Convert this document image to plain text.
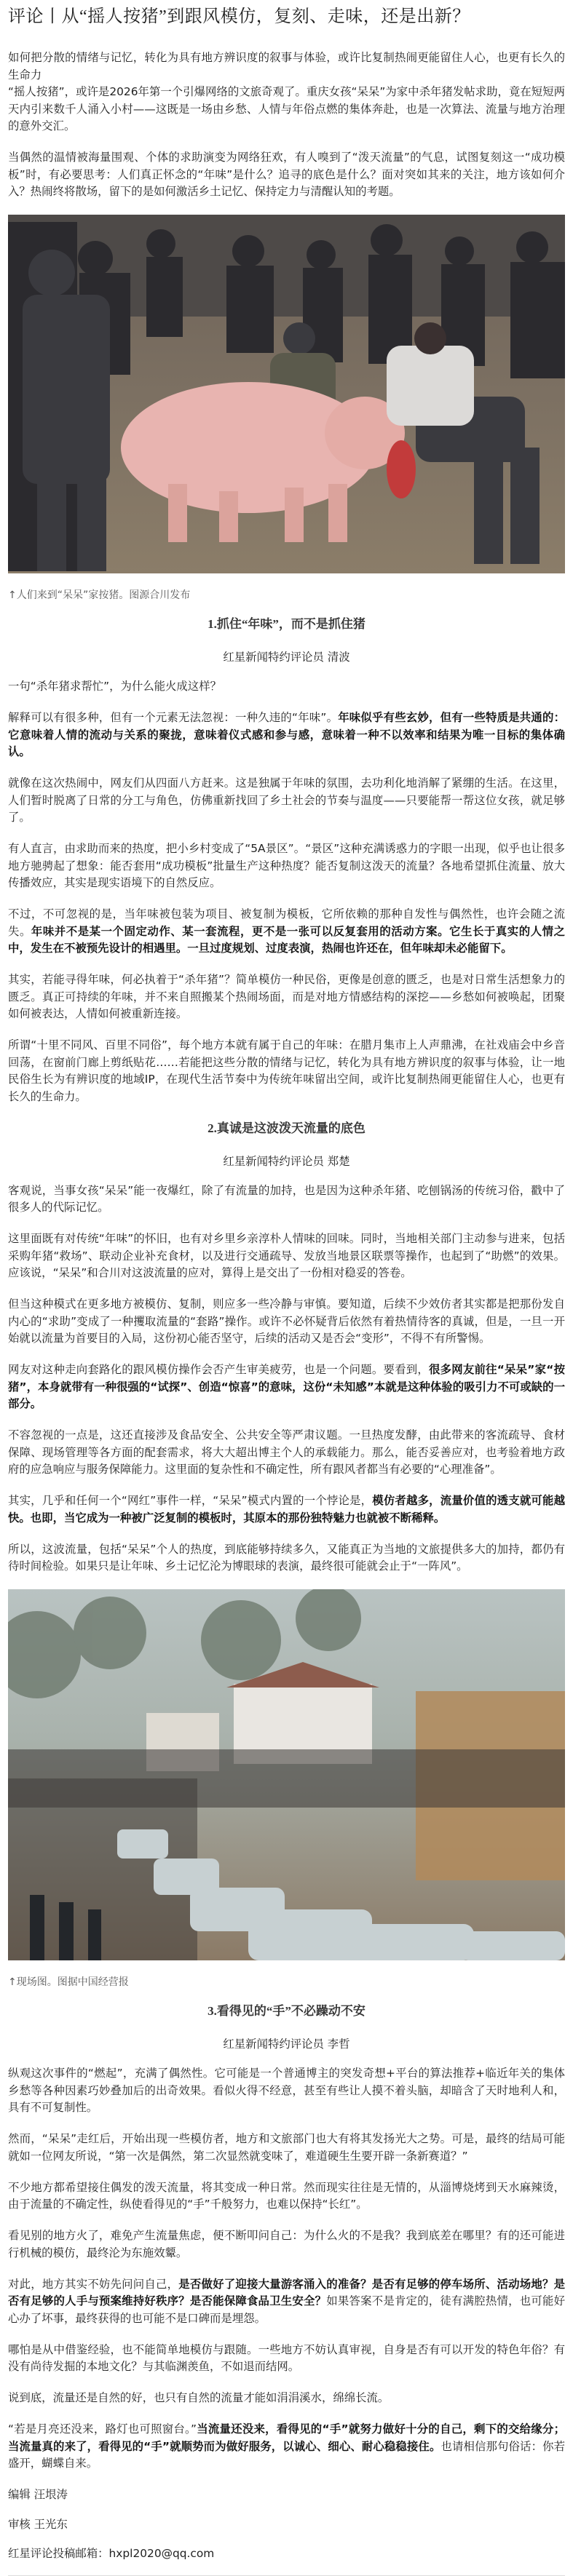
评论丨从“摇人按猪”到跟风模仿，复刻、走味，还是出新？

如何把分散的情绪与记忆，转化为具有地方辨识度的叙事与体验，或许比复制热闹更能留住人心，也更有长久的生命力

“摇人按猪”，或许是2026年第一个引爆网络的文旅奇观了。重庆女孩“呆呆”为家中杀年猪发帖求助，竟在短短两天内引来数千人涌入小村——这既是一场由乡愁、人情与年俗点燃的集体奔赴，也是一次算法、流量与地方治理的意外交汇。

当偶然的温情被海量围观、个体的求助演变为网络狂欢，有人嗅到了“泼天流量”的气息，试图复刻这一“成功模板”时，有必要思考：人们真正怀念的“年味”是什么？追寻的底色是什么？面对突如其来的关注，地方该如何介入？热闹终将散场，留下的是如何激活乡土记忆、保持定力与清醒认知的考题。

↑人们来到“呆呆”家按猪。图源合川发布
1.抓住“年味”，而不是抓住猪
红星新闻特约评论员 清波

一句“杀年猪求帮忙”，为什么能火成这样？

解释可以有很多种，但有一个元素无法忽视：一种久违的“年味”。年味似乎有些玄妙，但有一些特质是共通的：它意味着人情的流动与关系的聚拢，意味着仪式感和参与感，意味着一种不以效率和结果为唯一目标的集体确认。

就像在这次热闹中，网友们从四面八方赶来。这是独属于年味的氛围，去功利化地消解了紧绷的生活。在这里，人们暂时脱离了日常的分工与角色，仿佛重新找回了乡土社会的节奏与温度——只要能帮一帮这位女孩，就足够了。

有人直言，由求助而来的热度，把小乡村变成了“5A景区”。“景区”这种充满诱惑力的字眼一出现，似乎也让很多地方驰骋起了想象：能否套用“成功模板”批量生产这种热度？能否复制这泼天的流量？各地希望抓住流量、放大传播效应，其实是现实语境下的自然反应。

不过，不可忽视的是，当年味被包装为项目、被复制为模板，它所依赖的那种自发性与偶然性，也许会随之流失。年味并不是某一个固定动作、某一套流程，更不是一张可以反复套用的活动方案。它生长于真实的人情之中，发生在不被预先设计的相遇里。一旦过度规划、过度表演，热闹也许还在，但年味却未必能留下。

其实，若能寻得年味，何必执着于“杀年猪”？简单模仿一种民俗，更像是创意的匮乏，也是对日常生活想象力的匮乏。真正可持续的年味，并不来自照搬某个热闹场面，而是对地方情感结构的深挖——乡愁如何被唤起，团聚如何被表达，人情如何被重新连接。

所谓“十里不同风、百里不同俗”，每个地方本就有属于自己的年味：在腊月集市上人声鼎沸，在社戏庙会中乡音回荡，在窗前门廊上剪纸贴花……若能把这些分散的情绪与记忆，转化为具有地方辨识度的叙事与体验，让一地民俗生长为有辨识度的地域IP，在现代生活节奏中为传统年味留出空间，或许比复制热闹更能留住人心，也更有长久的生命力。

2.真诚是这波泼天流量的底色
红星新闻特约评论员 郑楚

客观说，当事女孩“呆呆”能一夜爆红，除了有流量的加持，也是因为这种杀年猪、吃刨锅汤的传统习俗，戳中了很多人的代际记忆。

这里面既有对传统“年味”的怀旧，也有对乡里乡亲淳朴人情味的回味。同时，当地相关部门主动参与进来，包括采购年猪“救场”、联动企业补充食材，以及进行交通疏导、发放当地景区联票等操作，也起到了“助燃”的效果。应该说，“呆呆”和合川对这波流量的应对，算得上是交出了一份相对稳妥的答卷。

但当这种模式在更多地方被模仿、复制，则应多一些冷静与审慎。要知道，后续不少效仿者其实都是把那份发自内心的“求助”变成了一种攫取流量的“套路”操作。或许不必怀疑背后依然有着热情待客的真诚，但是，一旦一开始就以流量为首要目的入局，这份初心能否坚守，后续的活动又是否会“变形”，不得不有所警惕。

网友对这种走向套路化的跟风模仿操作会否产生审美疲劳，也是一个问题。要看到，很多网友前往“呆呆”家“按猪”，本身就带有一种很强的“试探”、创造“惊喜”的意味，这份“未知感”本就是这种体验的吸引力不可或缺的一部分。

不容忽视的一点是，这还直接涉及食品安全、公共安全等严肃议题。一旦热度发酵，由此带来的客流疏导、食材保障、现场管理等各方面的配套需求，将大大超出博主个人的承载能力。那么，能否妥善应对，也考验着地方政府的应急响应与服务保障能力。这里面的复杂性和不确定性，所有跟风者都当有必要的“心理准备”。

其实，几乎和任何一个“网红”事件一样，“呆呆”模式内置的一个悖论是，模仿者越多，流量价值的透支就可能越快。也即，当它成为一种被广泛复制的模板时，其原本的那份独特魅力也就被不断稀释。

所以，这波流量，包括“呆呆”个人的热度，到底能够持续多久，又能真正为当地的文旅提供多大的加持，都仍有待时间检验。如果只是让年味、乡土记忆沦为博眼球的表演，最终很可能就会止于“一阵风”。

↑现场图。图据中国经营报
3.看得见的“手”不必躁动不安
红星新闻特约评论员 李哲

纵观这次事件的“燃起”，充满了偶然性。它可能是一个普通博主的突发奇想+平台的算法推荐+临近年关的集体乡愁等各种因素巧妙叠加后的出奇效果。看似火得不经意，甚至有些让人摸不着头脑，却暗含了天时地利人和，具有不可复制性。

然而，“呆呆”走红后，开始出现一些模仿者，地方和文旅部门也大有将其发扬光大之势。可是，最终的结局可能就如一位网友所说，“第一次是偶然，第二次显然就变味了，难道硬生生要开辟一条新赛道？”

不少地方都希望接住偶发的泼天流量，将其变成一种日常。然而现实往往是无情的，从淄博烧烤到天水麻辣烫，由于流量的不确定性，纵使看得见的“手”千般努力，也难以保持“长红”。

看见别的地方火了，难免产生流量焦虑，便不断叩问自己：为什么火的不是我？我到底差在哪里？有的还可能进行机械的模仿，最终沦为东施效颦。

对此，地方其实不妨先问问自己，是否做好了迎接大量游客涌入的准备？是否有足够的停车场所、活动场地？是否有足够的人手与预案维持好秩序？是否能保障食品卫生安全？如果答案不是肯定的，徒有满腔热情，也可能好心办了坏事，最终获得的也可能不是口碑而是埋怨。

哪怕是从中借鉴经验，也不能简单地模仿与跟随。一些地方不妨认真审视，自身是否有可以开发的特色年俗？有没有尚待发掘的本地文化？与其临渊羡鱼，不如退而结网。

说到底，流量还是自然的好，也只有自然的流量才能如涓涓溪水，绵绵长流。

“若是月亮还没来，路灯也可照窗台。”当流量还没来，看得见的“手”就努力做好十分的自己，剩下的交给缘分；当流量真的来了，看得见的“手”就顺势而为做好服务，以诚心、细心、耐心稳稳接住。也请相信那句俗话：你若盛开，蝴蝶自来。

编辑 汪垠涛

审核 王光东

红星评论投稿邮箱：hxpl2020@qq.com
